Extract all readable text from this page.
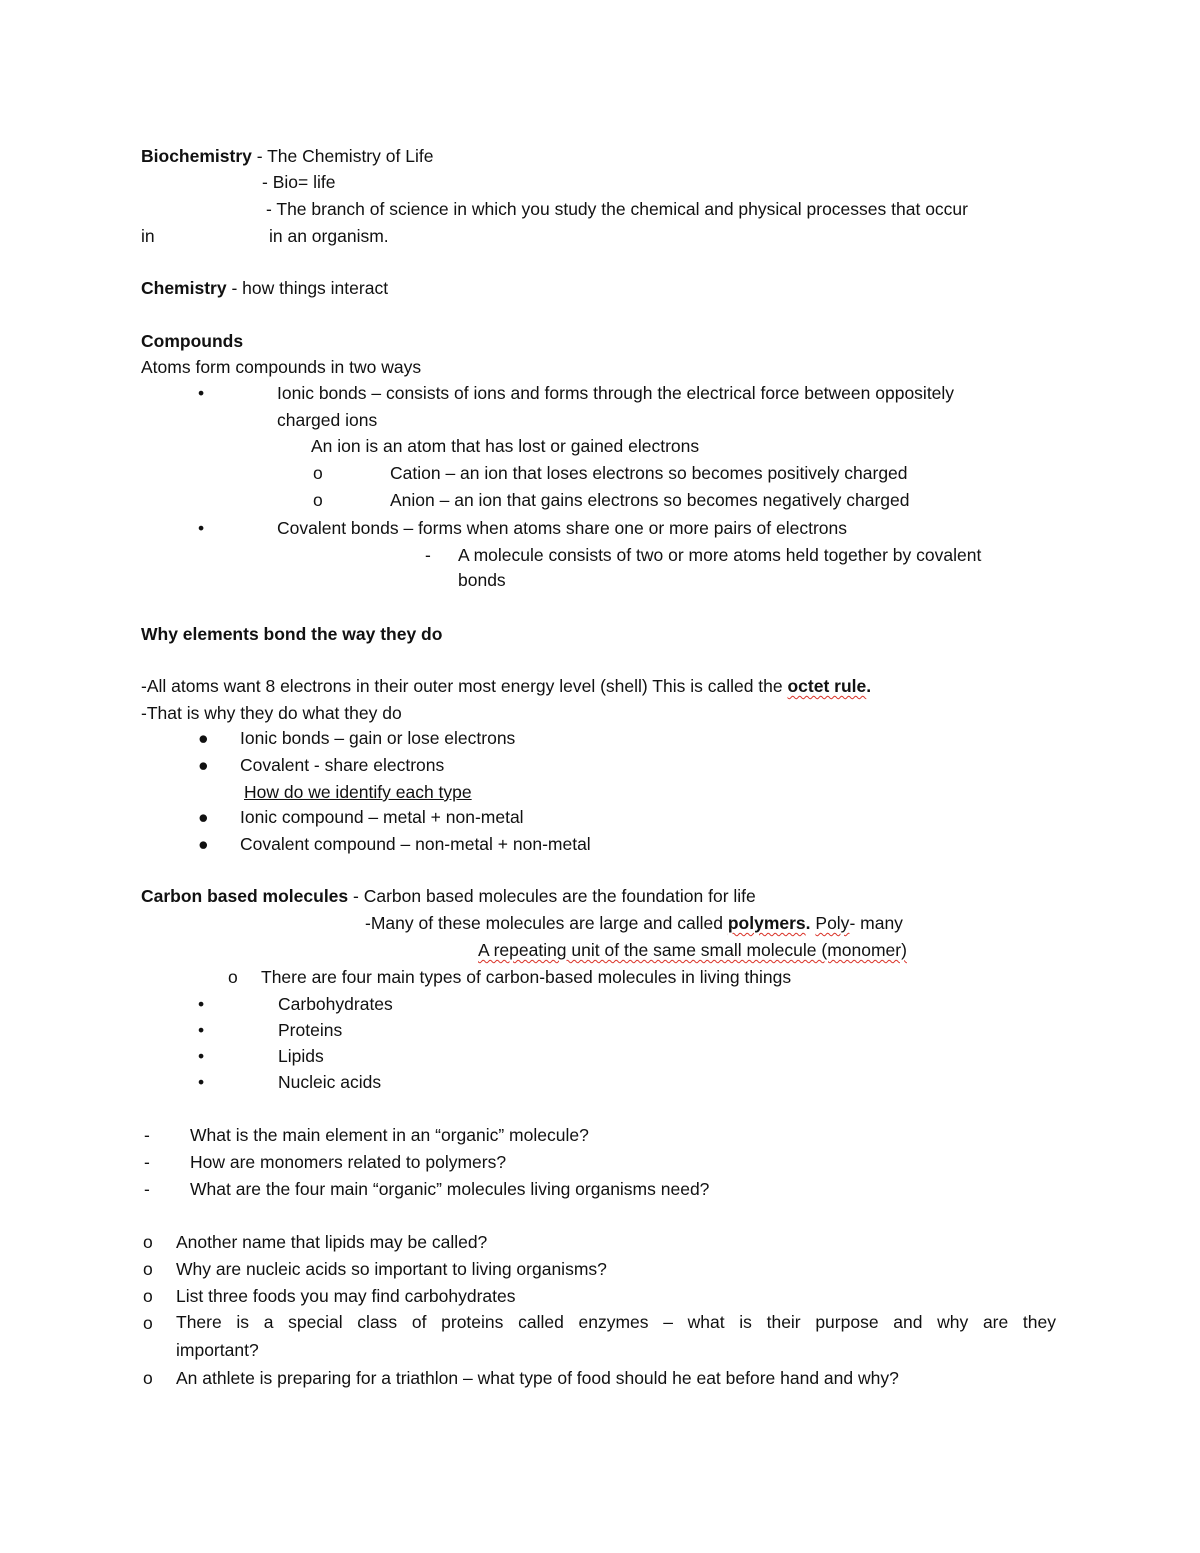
Biochemistry - The Chemistry of Life
- Bio= life
- The branch of science in which you study the chemical and physical processes that occur
in	in an organism.
Chemistry - how things interact
Compounds
Atoms form compounds in two ways
•	Ionic bonds – consists of ions and forms through the electrical force between oppositely
charged ions
An ion is an atom that has lost or gained electrons
o	Cation – an ion that loses electrons so becomes positively charged
o	Anion – an ion that gains electrons so becomes negatively charged
•	Covalent bonds – forms when atoms share one or more pairs of electrons
- A molecule consists of two or more atoms held together by covalent
bonds
Why elements bond the way they do
-All atoms want 8 electrons in their outer most energy level (shell) This is called the octet rule.
-That is why they do what they do
● Ionic bonds – gain or lose electrons
● Covalent - share electrons
How do we identify each type
● Ionic compound – metal + non-metal
● Covalent compound – non-metal + non-metal
Carbon based molecules - Carbon based molecules are the foundation for life
-Many of these molecules are large and called polymers. Poly- many
A repeating unit of the same small molecule (monomer)
o There are four main types of carbon-based molecules in living things
•	Carbohydrates
•	Proteins
•	Lipids
•	Nucleic acids
- What is the main element in an “organic” molecule?
- How are monomers related to polymers?
- What are the four main “organic” molecules living organisms need?
o Another name that lipids may be called?
o Why are nucleic acids so important to living organisms?
o List three foods you may find carbohydrates
o There is a special class of proteins called enzymes – what is their purpose and why are they
important?
o An athlete is preparing for a triathlon – what type of food should he eat before hand and why?
